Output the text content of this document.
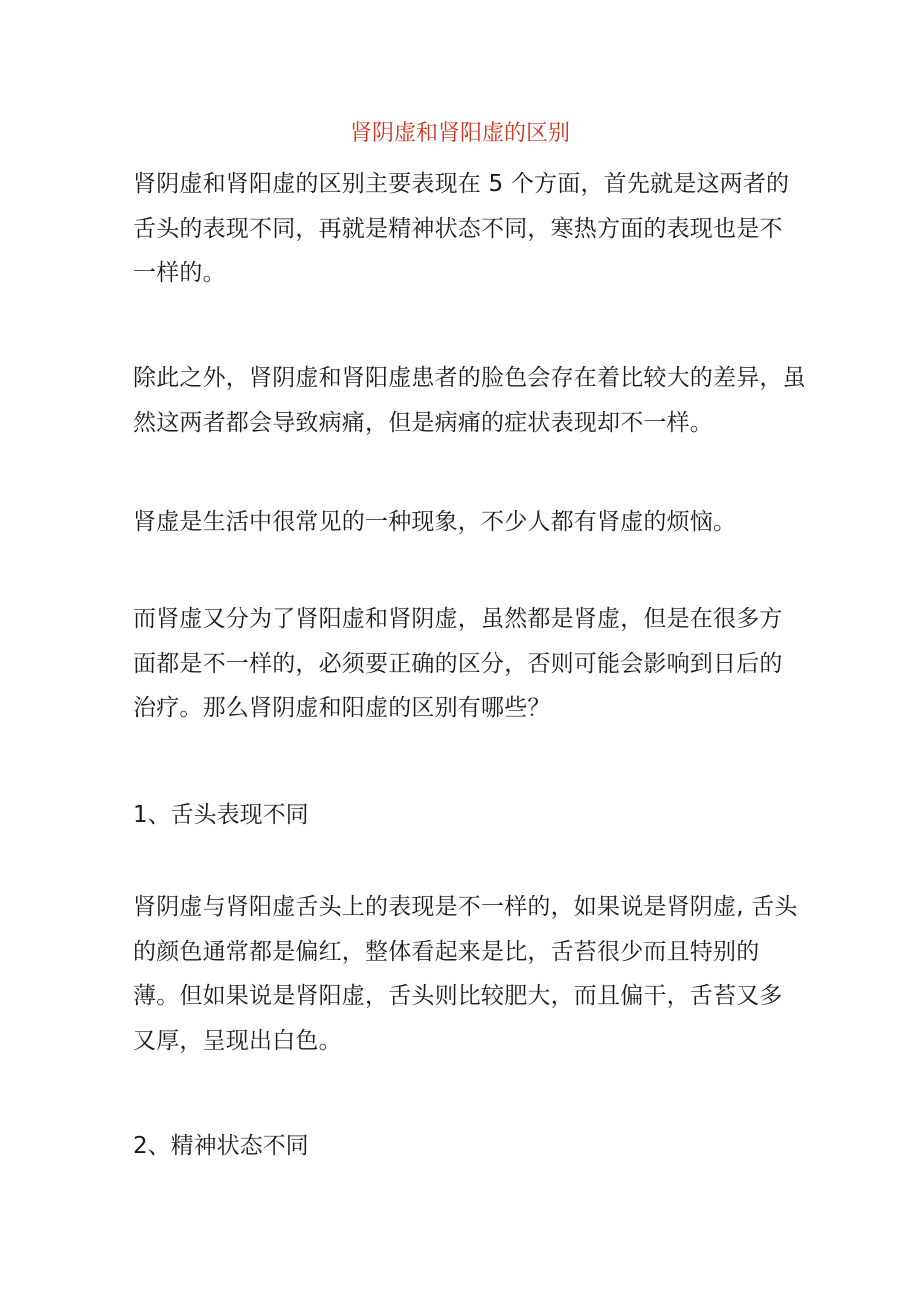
肾阴虚和肾阳虚的区别
肾阴虚和肾阳虚的区别主要表现在 5 个方面，首先就是这两者的
舌头的表现不同，再就是精神状态不同，寒热方面的表现也是不
一样的。
除此之外，肾阴虚和肾阳虚患者的脸色会存在着比较大的差异，虽
然这两者都会导致病痛，但是病痛的症状表现却不一样。
肾虚是生活中很常见的一种现象，不少人都有肾虚的烦恼。
而肾虚又分为了肾阳虚和肾阴虚，虽然都是肾虚，但是在很多方
面都是不一样的，必须要正确的区分，否则可能会影响到日后的
治疗。那么肾阴虚和阳虚的区别有哪些？
1、舌头表现不同
肾阴虚与肾阳虚舌头上的表现是不一样的，如果说是肾阴虚, 舌头
的颜色通常都是偏红，整体看起来是比，舌苔很少而且特别的
薄。但如果说是肾阳虚，舌头则比较肥大，而且偏干，舌苔又多
又厚，呈现出白色。
2、精神状态不同
